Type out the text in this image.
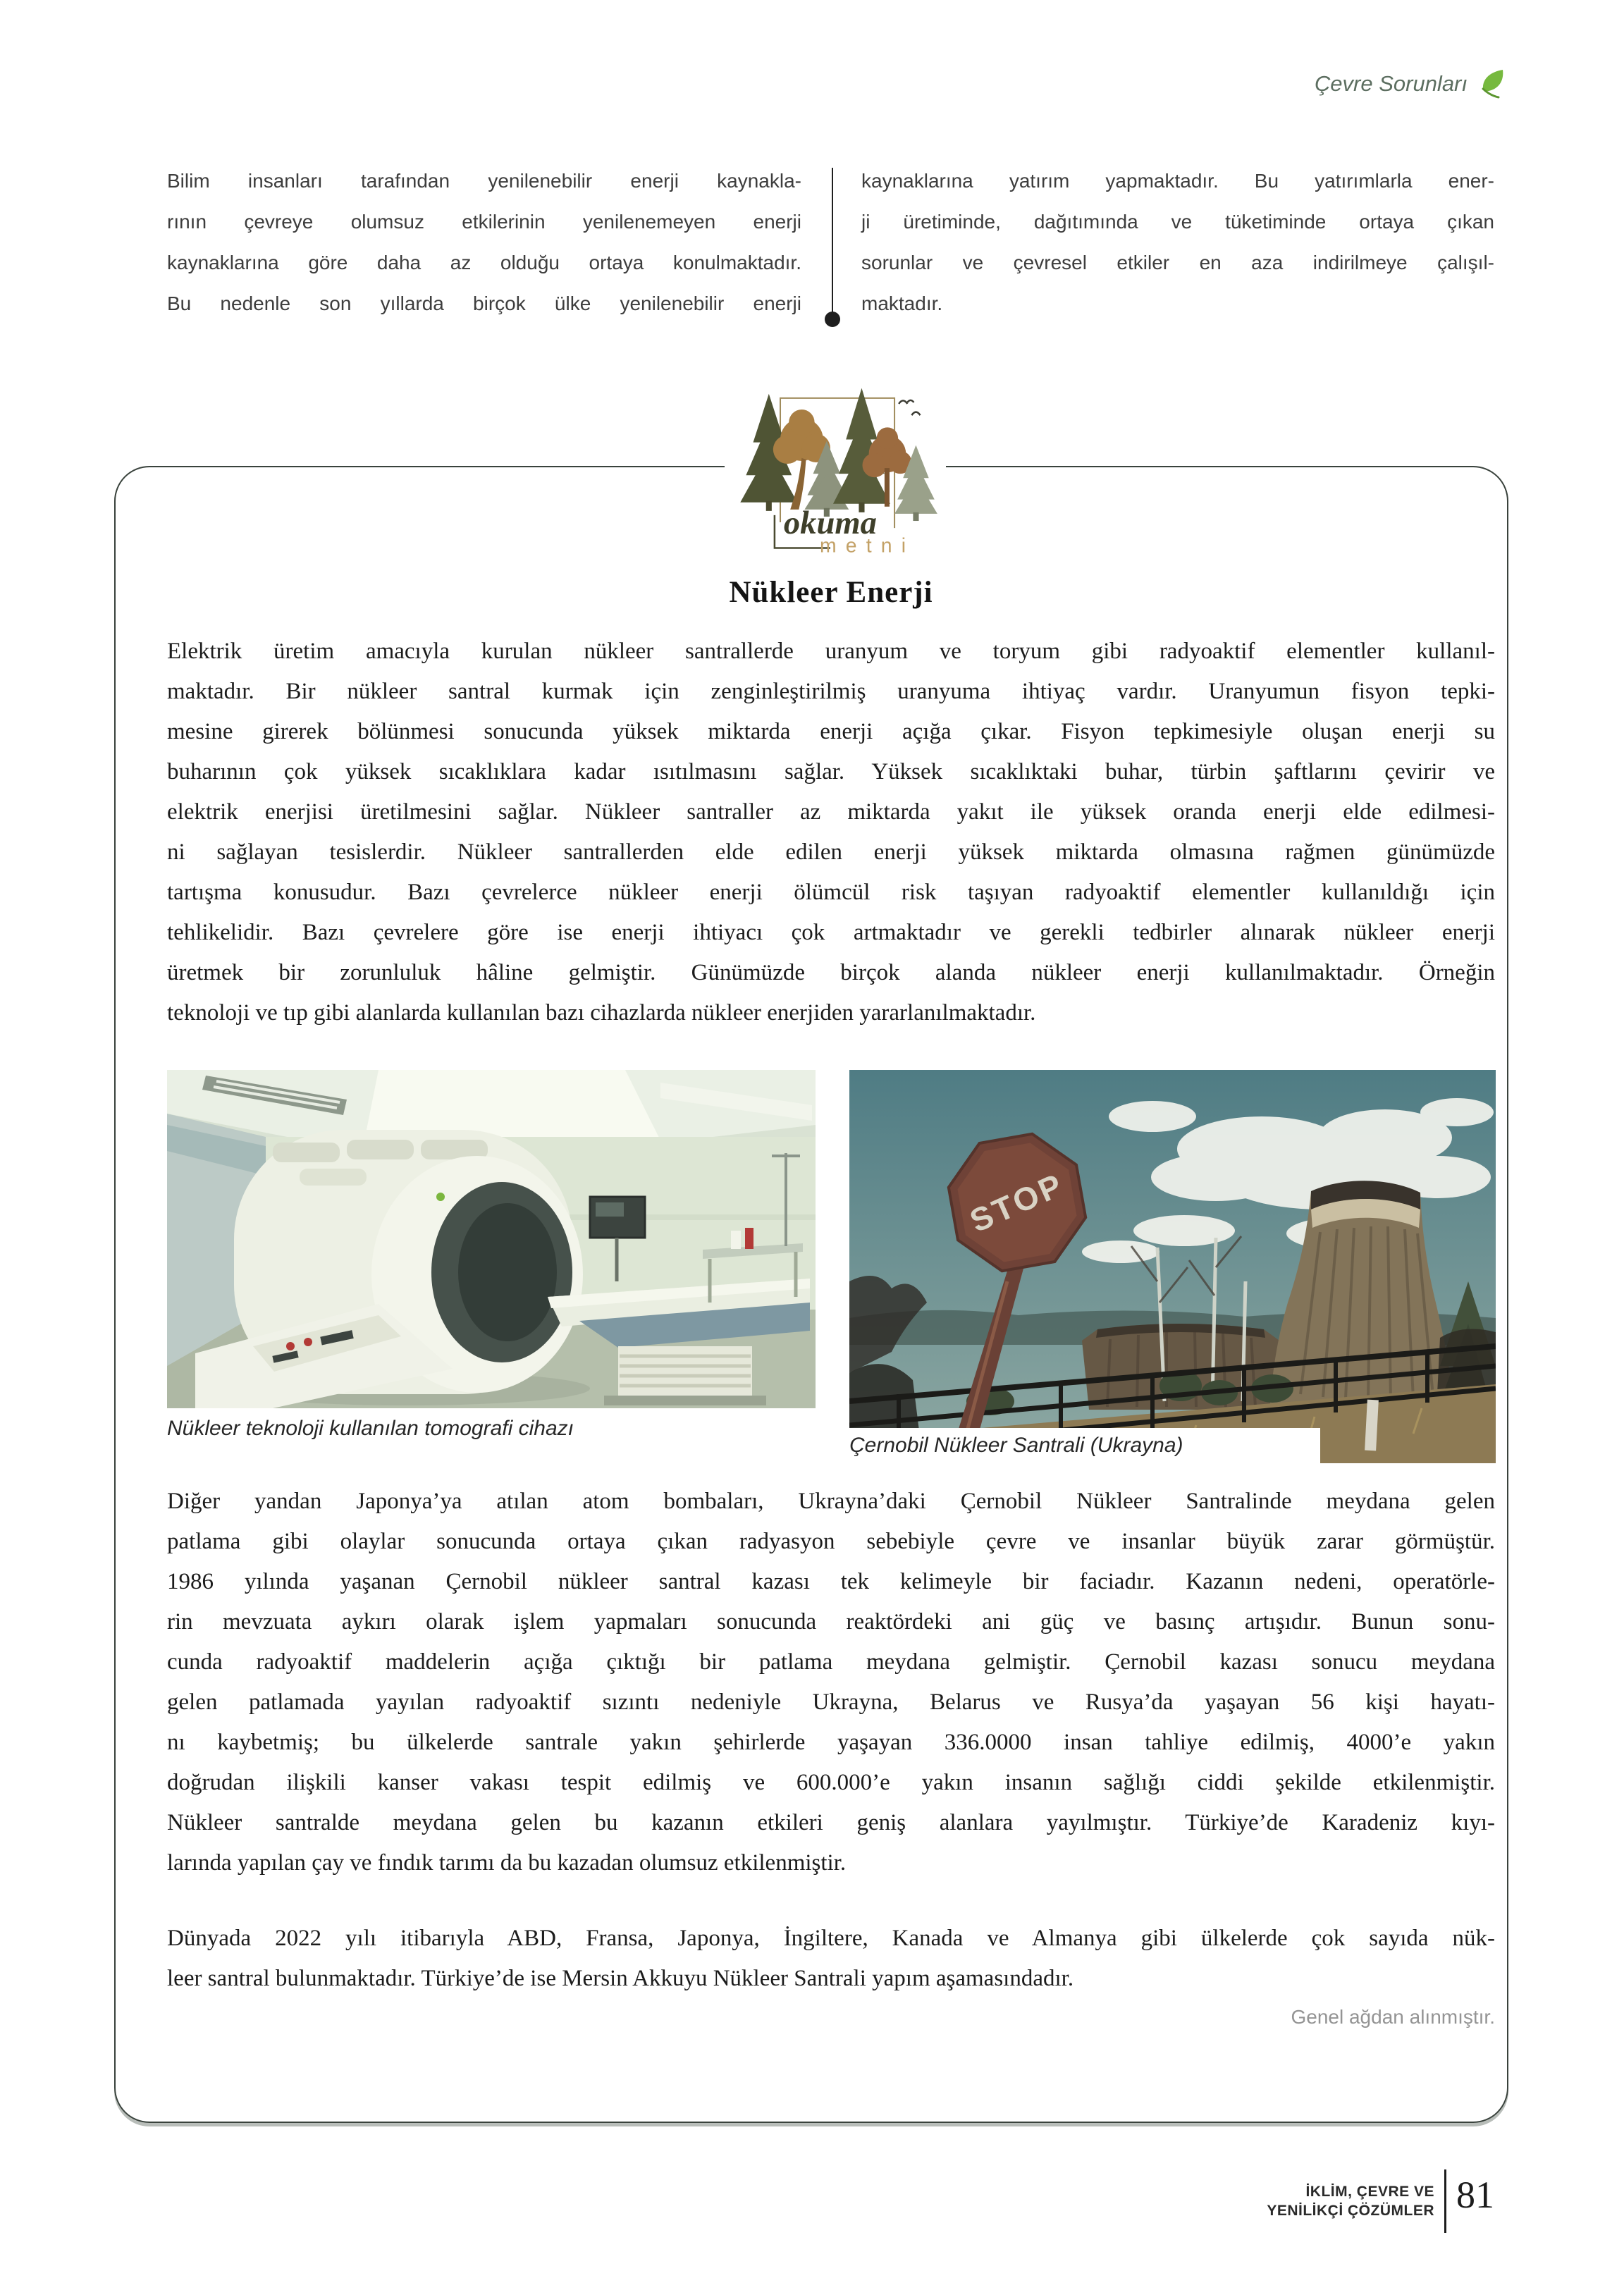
Çevre Sorunları
Bilim insanları tarafından yenilenebilir enerji kaynakla-
rının çevreye olumsuz etkilerinin yenilenemeyen enerji
kaynaklarına göre daha az olduğu ortaya konulmaktadır.
Bu nedenle son yıllarda birçok ülke yenilenebilir enerji
kaynaklarına yatırım yapmaktadır. Bu yatırımlarla ener-
ji üretiminde, dağıtımında ve tüketiminde ortaya çıkan
sorunlar ve çevresel etkiler en aza indirilmeye çalışıl-
maktadır.
okuma
metni
Nükleer Enerji
Elektrik üretim amacıyla kurulan nükleer santrallerde uranyum ve toryum gibi radyoaktif elementler kullanıl-
maktadır. Bir nükleer santral kurmak için zenginleştirilmiş uranyuma ihtiyaç vardır. Uranyumun fisyon tepki-
mesine girerek bölünmesi sonucunda yüksek miktarda enerji açığa çıkar. Fisyon tepkimesiyle oluşan enerji su
buharının çok yüksek sıcaklıklara kadar ısıtılmasını sağlar. Yüksek sıcaklıktaki buhar, türbin şaftlarını çevirir ve
elektrik enerjisi üretilmesini sağlar. Nükleer santraller az miktarda yakıt ile yüksek oranda enerji elde edilmesi-
ni sağlayan tesislerdir. Nükleer santrallerden elde edilen enerji yüksek miktarda olmasına rağmen günümüzde
tartışma konusudur. Bazı çevrelerce nükleer enerji ölümcül risk taşıyan radyoaktif elementler kullanıldığı için
tehlikelidir. Bazı çevrelere göre ise enerji ihtiyacı çok artmaktadır ve gerekli tedbirler alınarak nükleer enerji
üretmek bir zorunluluk hâline gelmiştir. Günümüzde birçok alanda nükleer enerji kullanılmaktadır. Örneğin
teknoloji ve tıp gibi alanlarda kullanılan bazı cihazlarda nükleer enerjiden yararlanılmaktadır.
STOP
Çernobil Nükleer Santrali (Ukrayna)
Nükleer teknoloji kullanılan tomografi cihazı
Diğer yandan Japonya’ya atılan atom bombaları, Ukrayna’daki Çernobil Nükleer Santralinde meydana gelen
patlama gibi olaylar sonucunda ortaya çıkan radyasyon sebebiyle çevre ve insanlar büyük zarar görmüştür.
1986 yılında yaşanan Çernobil nükleer santral kazası tek kelimeyle bir faciadır. Kazanın nedeni, operatörle-
rin mevzuata aykırı olarak işlem yapmaları sonucunda reaktördeki ani güç ve basınç artışıdır. Bunun sonu-
cunda radyoaktif maddelerin açığa çıktığı bir patlama meydana gelmiştir. Çernobil kazası sonucu meydana
gelen patlamada yayılan radyoaktif sızıntı nedeniyle Ukrayna, Belarus ve Rusya’da yaşayan 56 kişi hayatı-
nı kaybetmiş; bu ülkelerde santrale yakın şehirlerde yaşayan 336.0000 insan tahliye edilmiş, 4000’e yakın
doğrudan ilişkili kanser vakası tespit edilmiş ve 600.000’e yakın insanın sağlığı ciddi şekilde etkilenmiştir.
Nükleer santralde meydana gelen bu kazanın etkileri geniş alanlara yayılmıştır. Türkiye’de Karadeniz kıyı-
larında yapılan çay ve fındık tarımı da bu kazadan olumsuz etkilenmiştir.
Dünyada 2022 yılı itibarıyla ABD, Fransa, Japonya, İngiltere, Kanada ve Almanya gibi ülkelerde çok sayıda nük-
leer santral bulunmaktadır. Türkiye’de ise Mersin Akkuyu Nükleer Santrali yapım aşamasındadır.
Genel ağdan alınmıştır.
İKLİM, ÇEVRE VE
YENİLİKÇİ ÇÖZÜMLER 81
